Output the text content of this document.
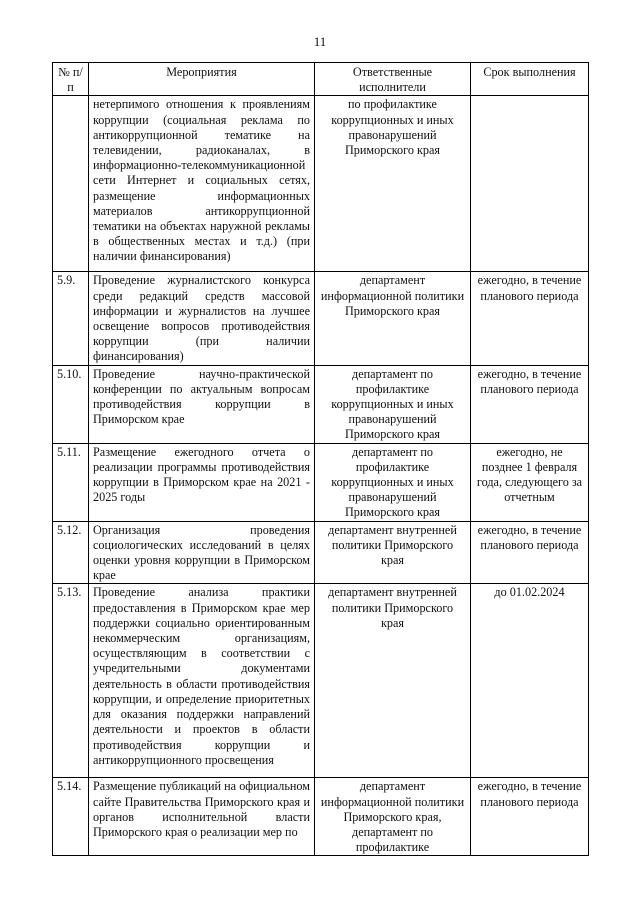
11
№ п/п	Мероприятия	Ответственные исполнители	Срок выполнения
	нетерпимого отношения к проявлениям коррупции (социальная реклама по антикоррупционной тематике на телевидении, радиоканалах, в информационно-телекоммуникационной сети Интернет и социальных сетях, размещение информационных материалов антикоррупционной тематики на объектах наружной рекламы в общественных местах и т.д.) (при наличии финансирования)	по профилактике коррупционных и иных правонарушений Приморского края	
5.9.	Проведение журналистского конкурса среди редакций средств массовой информации и журналистов на лучшее освещение вопросов противодействия коррупции (при наличии финансирования)	департамент информационной политики Приморского края	ежегодно, в течение планового периода
5.10.	Проведение научно-практической конференции по актуальным вопросам противодействия коррупции в Приморском крае	департамент по профилактике коррупционных и иных правонарушений Приморского края	ежегодно, в течение планового периода
5.11.	Размещение ежегодного отчета о реализации программы противодействия коррупции в Приморском крае на 2021 - 2025 годы	департамент по профилактике коррупционных и иных правонарушений Приморского края	ежегодно, не позднее 1 февраля года, следующего за отчетным
5.12.	Организация проведения социологических исследований в целях оценки уровня коррупции в Приморском крае	департамент внутренней политики Приморского края	ежегодно, в течение планового периода
5.13.	Проведение анализа практики предоставления в Приморском крае мер поддержки социально ориентированным некоммерческим организациям, осуществляющим в соответствии с учредительными документами деятельность в области противодействия коррупции, и определение приоритетных для оказания поддержки направлений деятельности и проектов в области противодействия коррупции и антикоррупционного просвещения	департамент внутренней политики Приморского края	до 01.02.2024
5.14.	Размещение публикаций на официальном сайте Правительства Приморского края и органов исполнительной власти Приморского края о реализации мер по	департамент информационной политики Приморского края, департамент по профилактике	ежегодно, в течение планового периода
